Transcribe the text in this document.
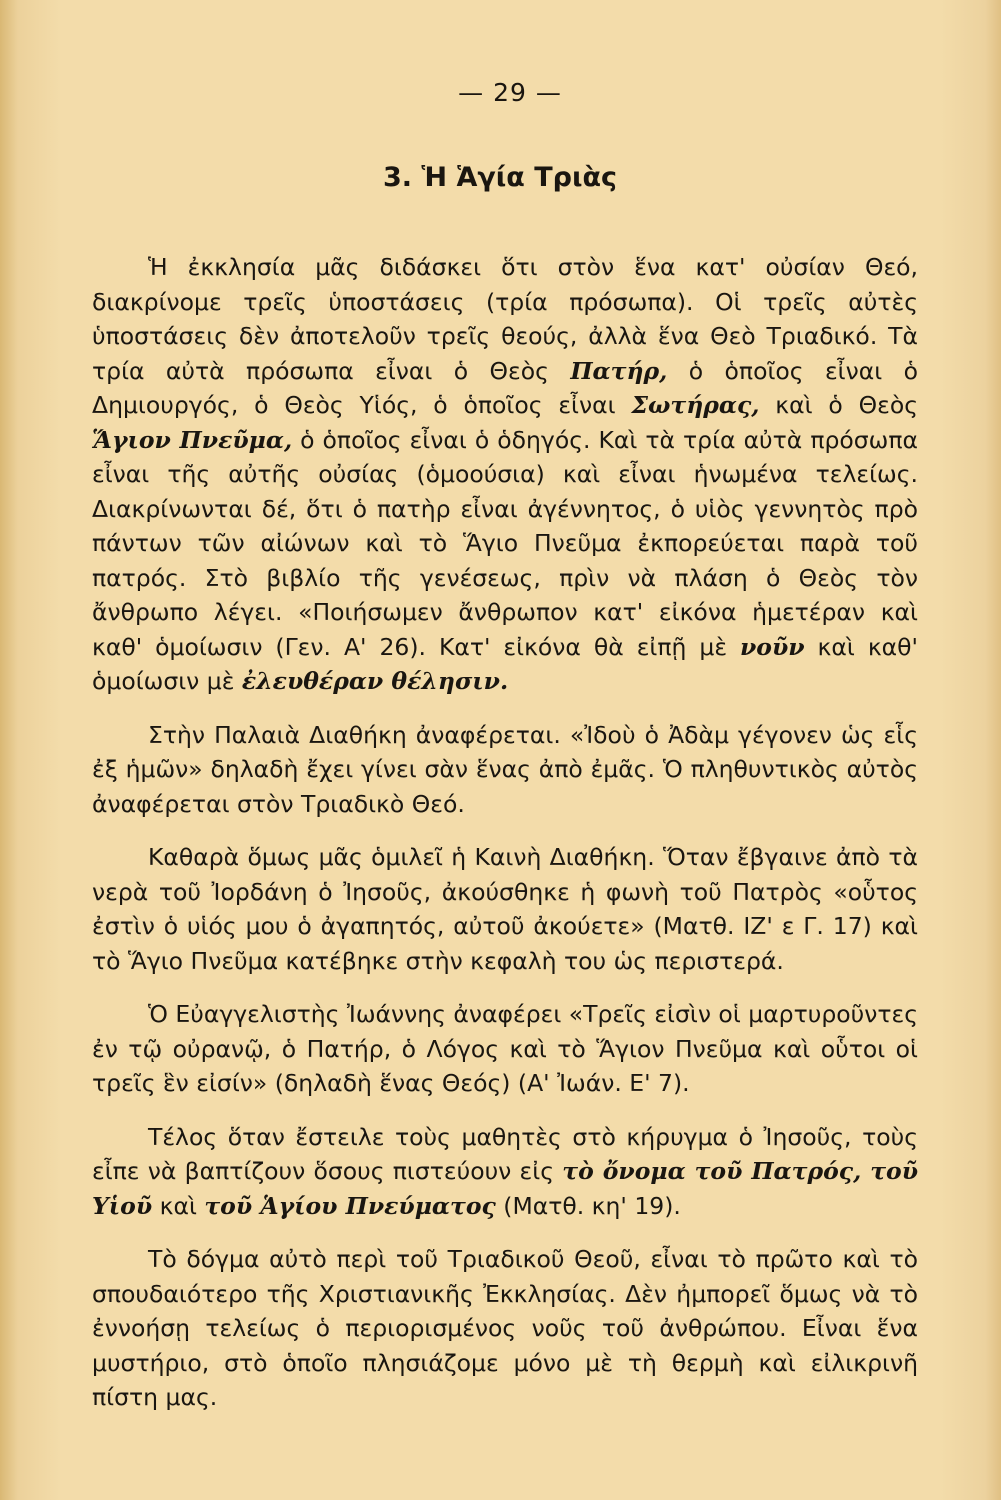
— 29 —
3. Ἡ Ἁγία Τριὰς

Ἡ ἐκκλησία μᾶς διδάσκει ὅτι στὸν ἕνα κατ' οὐσίαν Θεό, διακρίνομε τρεῖς ὑποστάσεις (τρία πρόσωπα). Οἱ τρεῖς αὐτὲς ὑποστάσεις δὲν ἀποτελοῦν τρεῖς θεούς, ἀλλὰ ἕνα Θεὸ Τριαδικό. Τὰ τρία αὐτὰ πρόσωπα εἶναι ὁ Θεὸς Πατήρ, ὁ ὁποῖος εἶναι ὁ Δημιουργός, ὁ Θεὸς Υἱός, ὁ ὁποῖος εἶναι Σωτήρας, καὶ ὁ Θεὸς Ἅγιον Πνεῦμα, ὁ ὁποῖος εἶναι ὁ ὁδηγός. Καὶ τὰ τρία αὐτὰ πρόσωπα εἶναι τῆς αὐτῆς οὐσίας (ὁμοούσια) καὶ εἶναι ἡνωμένα τελείως. Διακρίνωνται δέ, ὅτι ὁ πατὴρ εἶναι ἀγέννητος, ὁ υἱὸς γεννητὸς πρὸ πάντων τῶν αἰώνων καὶ τὸ Ἅγιο Πνεῦμα ἐκπορεύεται παρὰ τοῦ πατρός. Στὸ βιβλίο τῆς γενέσεως, πρὶν νὰ πλάση ὁ Θεὸς τὸν ἄνθρωπο λέγει. «Ποιήσωμεν ἄνθρωπον κατ' εἰκόνα ἡμετέραν καὶ καθ' ὁμοίωσιν (Γεν. Α' 26). Κατ' εἰκόνα θὰ εἰπῇ μὲ νοῦν καὶ καθ' ὁμοίωσιν μὲ ἐλευθέραν θέλησιν.

Στὴν Παλαιὰ Διαθήκη ἀναφέρεται. «Ἰδοὺ ὁ Ἀδὰμ γέγονεν ὡς εἷς ἐξ ἡμῶν» δηλαδὴ ἔχει γίνει σὰν ἕνας ἀπὸ ἐμᾶς. Ὁ πληθυντικὸς αὐτὸς ἀναφέρεται στὸν Τριαδικὸ Θεό.

Καθαρὰ ὅμως μᾶς ὁμιλεῖ ἡ Καινὴ Διαθήκη. Ὅταν ἔβγαινε ἀπὸ τὰ νερὰ τοῦ Ἰορδάνη ὁ Ἰησοῦς, ἀκούσθηκε ἡ φωνὴ τοῦ Πατρὸς «οὗτος ἐστὶν ὁ υἱός μου ὁ ἀγαπητός, αὐτοῦ ἀκούετε» (Ματθ. ΙΖ' ε Γ. 17) καὶ τὸ Ἅγιο Πνεῦμα κατέβηκε στὴν κεφαλὴ του ὡς περιστερά.

Ὁ Εὐαγγελιστὴς Ἰωάννης ἀναφέρει «Τρεῖς εἰσὶν οἱ μαρτυροῦντες ἐν τῷ οὐρανῷ, ὁ Πατήρ, ὁ Λόγος καὶ τὸ Ἅγιον Πνεῦμα καὶ οὗτοι οἱ τρεῖς ἓν εἰσίν» (δηλαδὴ ἕνας Θεός) (Α' Ἰωάν. Ε' 7).

Τέλος ὅταν ἔστειλε τοὺς μαθητὲς στὸ κήρυγμα ὁ Ἰησοῦς, τοὺς εἶπε νὰ βαπτίζουν ὅσους πιστεύουν εἰς τὸ ὄνομα τοῦ Πατρός, τοῦ Υἱοῦ καὶ τοῦ Ἁγίου Πνεύματος (Ματθ. κη' 19).

Τὸ δόγμα αὐτὸ περὶ τοῦ Τριαδικοῦ Θεοῦ, εἶναι τὸ πρῶτο καὶ τὸ σπουδαιότερο τῆς Χριστιανικῆς Ἐκκλησίας. Δὲν ἠμπορεῖ ὅμως νὰ τὸ ἐννοήσῃ τελείως ὁ περιορισμένος νοῦς τοῦ ἀνθρώπου. Εἶναι ἕνα μυστήριο, στὸ ὁποῖο πλησιάζομε μόνο μὲ τὴ θερμὴ καὶ εἰλικρινῆ πίστη μας.
